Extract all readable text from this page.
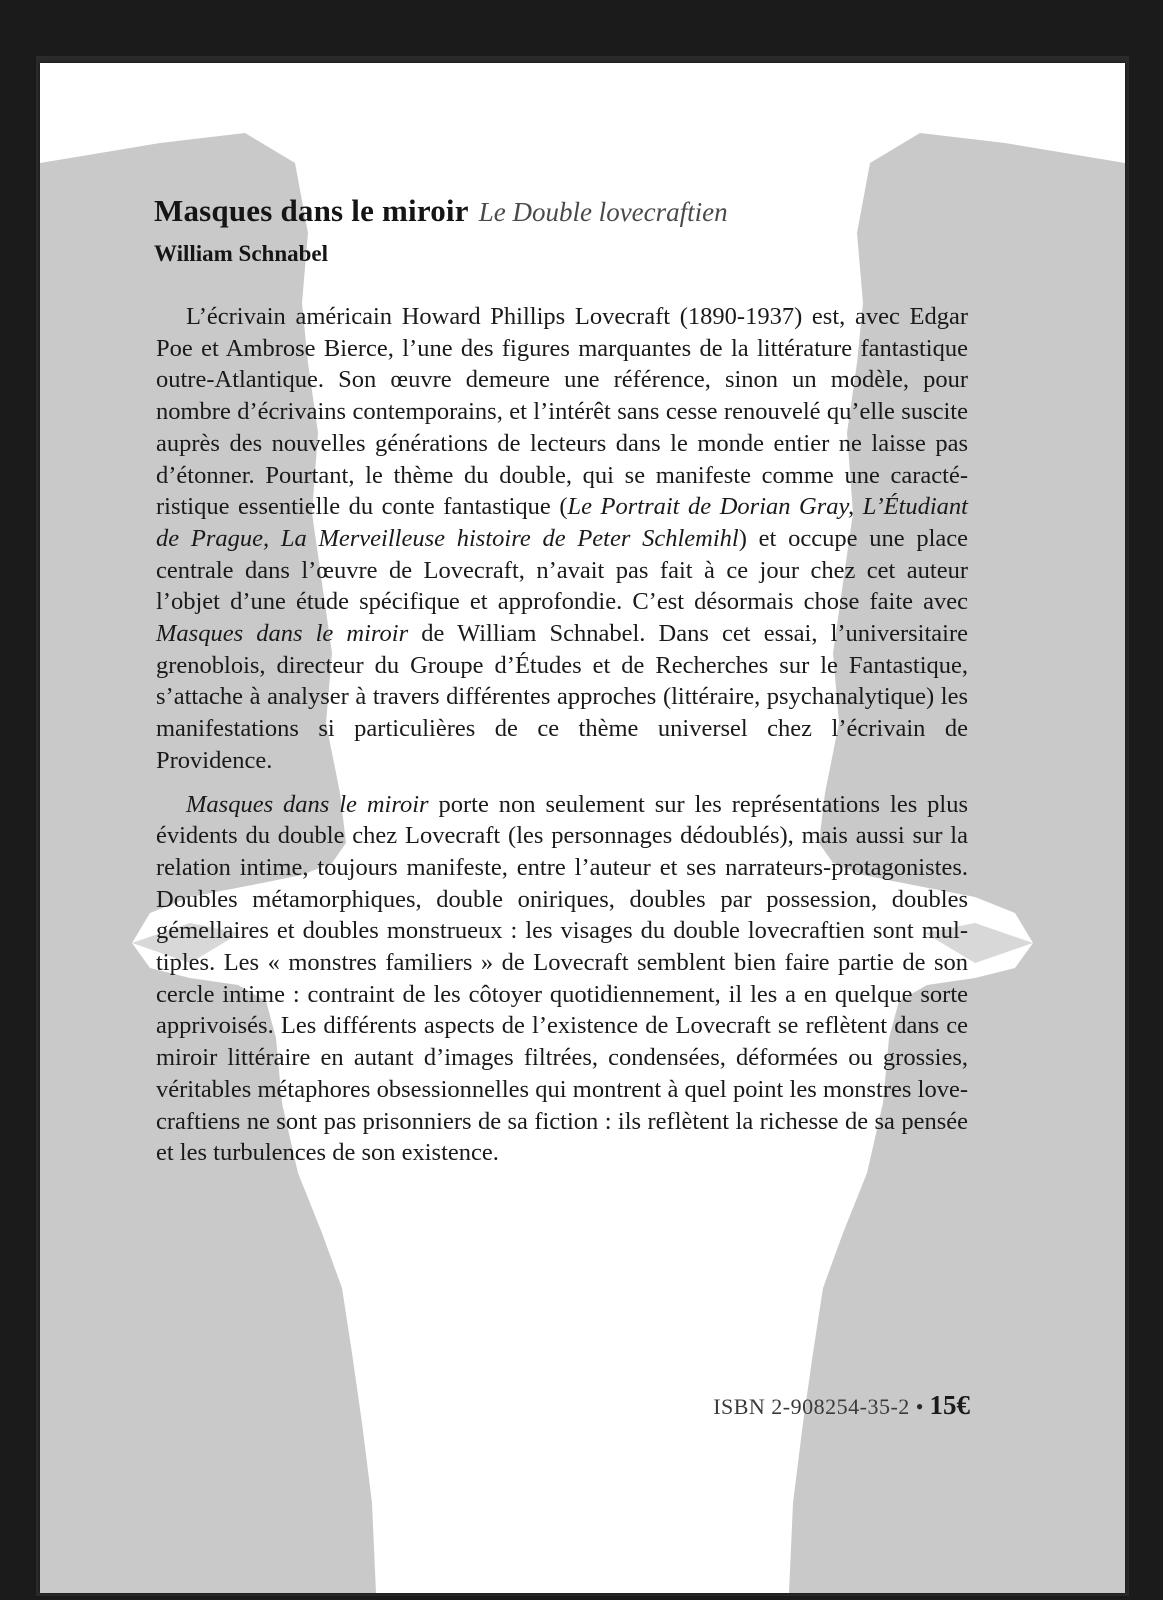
Masques dans le miroir Le Double lovecraftien
William Schnabel

L’écrivain américain Howard Phillips Lovecraft (1890-1937) est, avec Edgar Poe et Ambrose Bierce, l’une des figures marquantes de la littérature fantastique outre-Atlantique. Son œuvre demeure une référence, sinon un modèle, pour nombre d’écrivains contemporains, et l’intérêt sans cesse renouvelé qu’elle suscite auprès des nouvelles générations de lecteurs dans le monde entier ne laisse pas d’étonner. Pourtant, le thème du double, qui se manifeste comme une caractéristique essentielle du conte fantastique (Le Portrait de Dorian Gray, L’Étudiant de Prague, La Merveilleuse histoire de Peter Schlemihl) et occupe une place centrale dans l’œuvre de Lovecraft, n’avait pas fait à ce jour chez cet auteur l’objet d’une étude spécifique et approfondie. C’est désormais chose faite avec Masques dans le miroir de William Schnabel. Dans cet essai, l’universitaire grenoblois, directeur du Groupe d’Études et de Recherches sur le Fantastique, s’attache à analyser à travers différentes approches (littéraire, psychanalytique) les manifestations si particulières de ce thème universel chez l’écrivain de Providence.

Masques dans le miroir porte non seulement sur les représentations les plus évidents du double chez Lovecraft (les personnages dédoublés), mais aussi sur la relation intime, toujours manifeste, entre l’auteur et ses narrateurs-protagonistes. Doubles métamorphiques, double oniriques, doubles par possession, doubles gémellaires et doubles monstrueux : les visages du double lovecraftien sont multiples. Les « monstres familiers » de Lovecraft semblent bien faire partie de son cercle intime : contraint de les côtoyer quotidiennement, il les a en quelque sorte apprivoisés. Les différents aspects de l’existence de Lovecraft se reflètent dans ce miroir littéraire en autant d’images filtrées, condensées, déformées ou grossies, véritables métaphores obsessionnelles qui montrent à quel point les monstres lovecraftiens ne sont pas prisonniers de sa fiction : ils reflètent la richesse de sa pensée et les turbulences de son existence.

ISBN 2-908254-35-2 • 15€
